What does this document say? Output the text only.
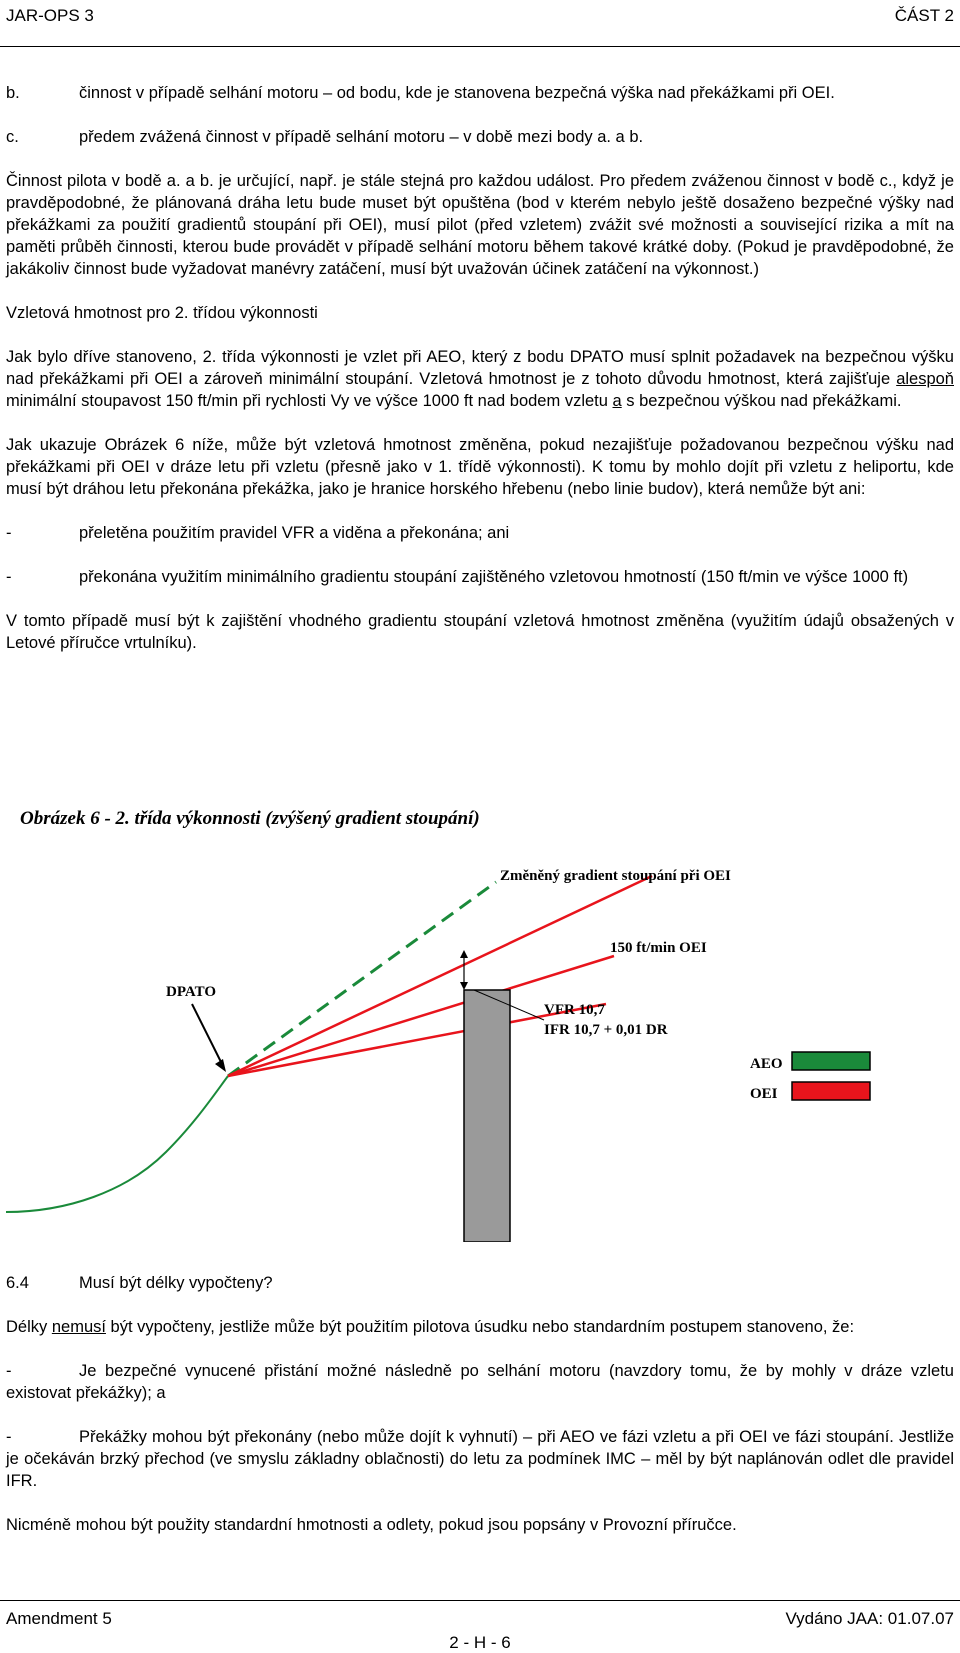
JAR-OPS 3	ČÁST 2
b.	činnost v případě selhání motoru – od bodu, kde je stanovena bezpečná výška nad překážkami při OEI.
c.	předem zvážená činnost v případě selhání motoru – v době mezi body a. a b.

Činnost pilota v bodě a. a b. je určující, např. je stále stejná pro každou událost. Pro předem zváženou činnost v bodě c., když je pravděpodobné, že plánovaná dráha letu bude muset být opuštěna (bod v kterém nebylo ještě dosaženo bezpečné výšky nad překážkami za použití gradientů stoupání při OEI), musí pilot (před vzletem) zvážit své možnosti a související rizika a mít na paměti průběh činnosti, kterou bude provádět v případě selhání motoru během takové krátké doby. (Pokud je pravděpodobné, že jakákoliv činnost bude vyžadovat manévry zatáčení, musí být uvažován účinek zatáčení na výkonnost.)

Vzletová hmotnost pro 2. třídou výkonnosti

Jak bylo dříve stanoveno, 2. třída výkonnosti je vzlet při AEO, který z bodu DPATO musí splnit požadavek na bezpečnou výšku nad překážkami při OEI a zároveň minimální stoupání. Vzletová hmotnost je z tohoto důvodu hmotnost, která zajišťuje alespoň minimální stoupavost 150 ft/min při rychlosti Vy ve výšce 1000 ft nad bodem vzletu a s bezpečnou výškou nad překážkami.

Jak ukazuje Obrázek 6 níže, může být vzletová hmotnost změněna, pokud nezajišťuje požadovanou bezpečnou výšku nad překážkami při OEI v dráze letu při vzletu (přesně jako v 1. třídě výkonnosti). K tomu by mohlo dojít při vzletu z heliportu, kde musí být dráhou letu překonána překážka, jako je hranice horského hřebenu (nebo linie budov), která nemůže být ani:

-	přeletěna použitím pravidel VFR a viděna a překonána; ani
-	překonána využitím minimálního gradientu stoupání zajištěného vzletovou hmotností (150 ft/min ve výšce 1000 ft)

V tomto případě musí být k zajištění vhodného gradientu stoupání vzletová hmotnost změněna (využitím údajů obsažených v Letové příručce vrtulníku).

Obrázek 6 - 2. třída výkonnosti (zvýšený gradient stoupání)
Změněný gradient stoupání při OEI
150 ft/min OEI
DPATO
VFR 10,7
IFR 10,7 + 0,01 DR
AEO
OEI
6.4	Musí být délky vypočteny?

Délky nemusí být vypočteny, jestliže může být použitím pilotova úsudku nebo standardním postupem stanoveno, že:

-	Je bezpečné vynucené přistání možné následně po selhání motoru (navzdory tomu, že by mohly v dráze vzletu existovat překážky); a

-	Překážky mohou být překonány (nebo může dojít k vyhnutí) – při AEO ve fázi vzletu a při OEI ve fázi stoupání. Jestliže je očekáván brzký přechod (ve smyslu základny oblačnosti) do letu za podmínek IMC – měl by být naplánován odlet dle pravidel IFR.

Nicméně mohou být použity standardní hmotnosti a odlety, pokud jsou popsány v Provozní příručce.

Amendment 5	Vydáno JAA: 01.07.07
2 - H - 6
